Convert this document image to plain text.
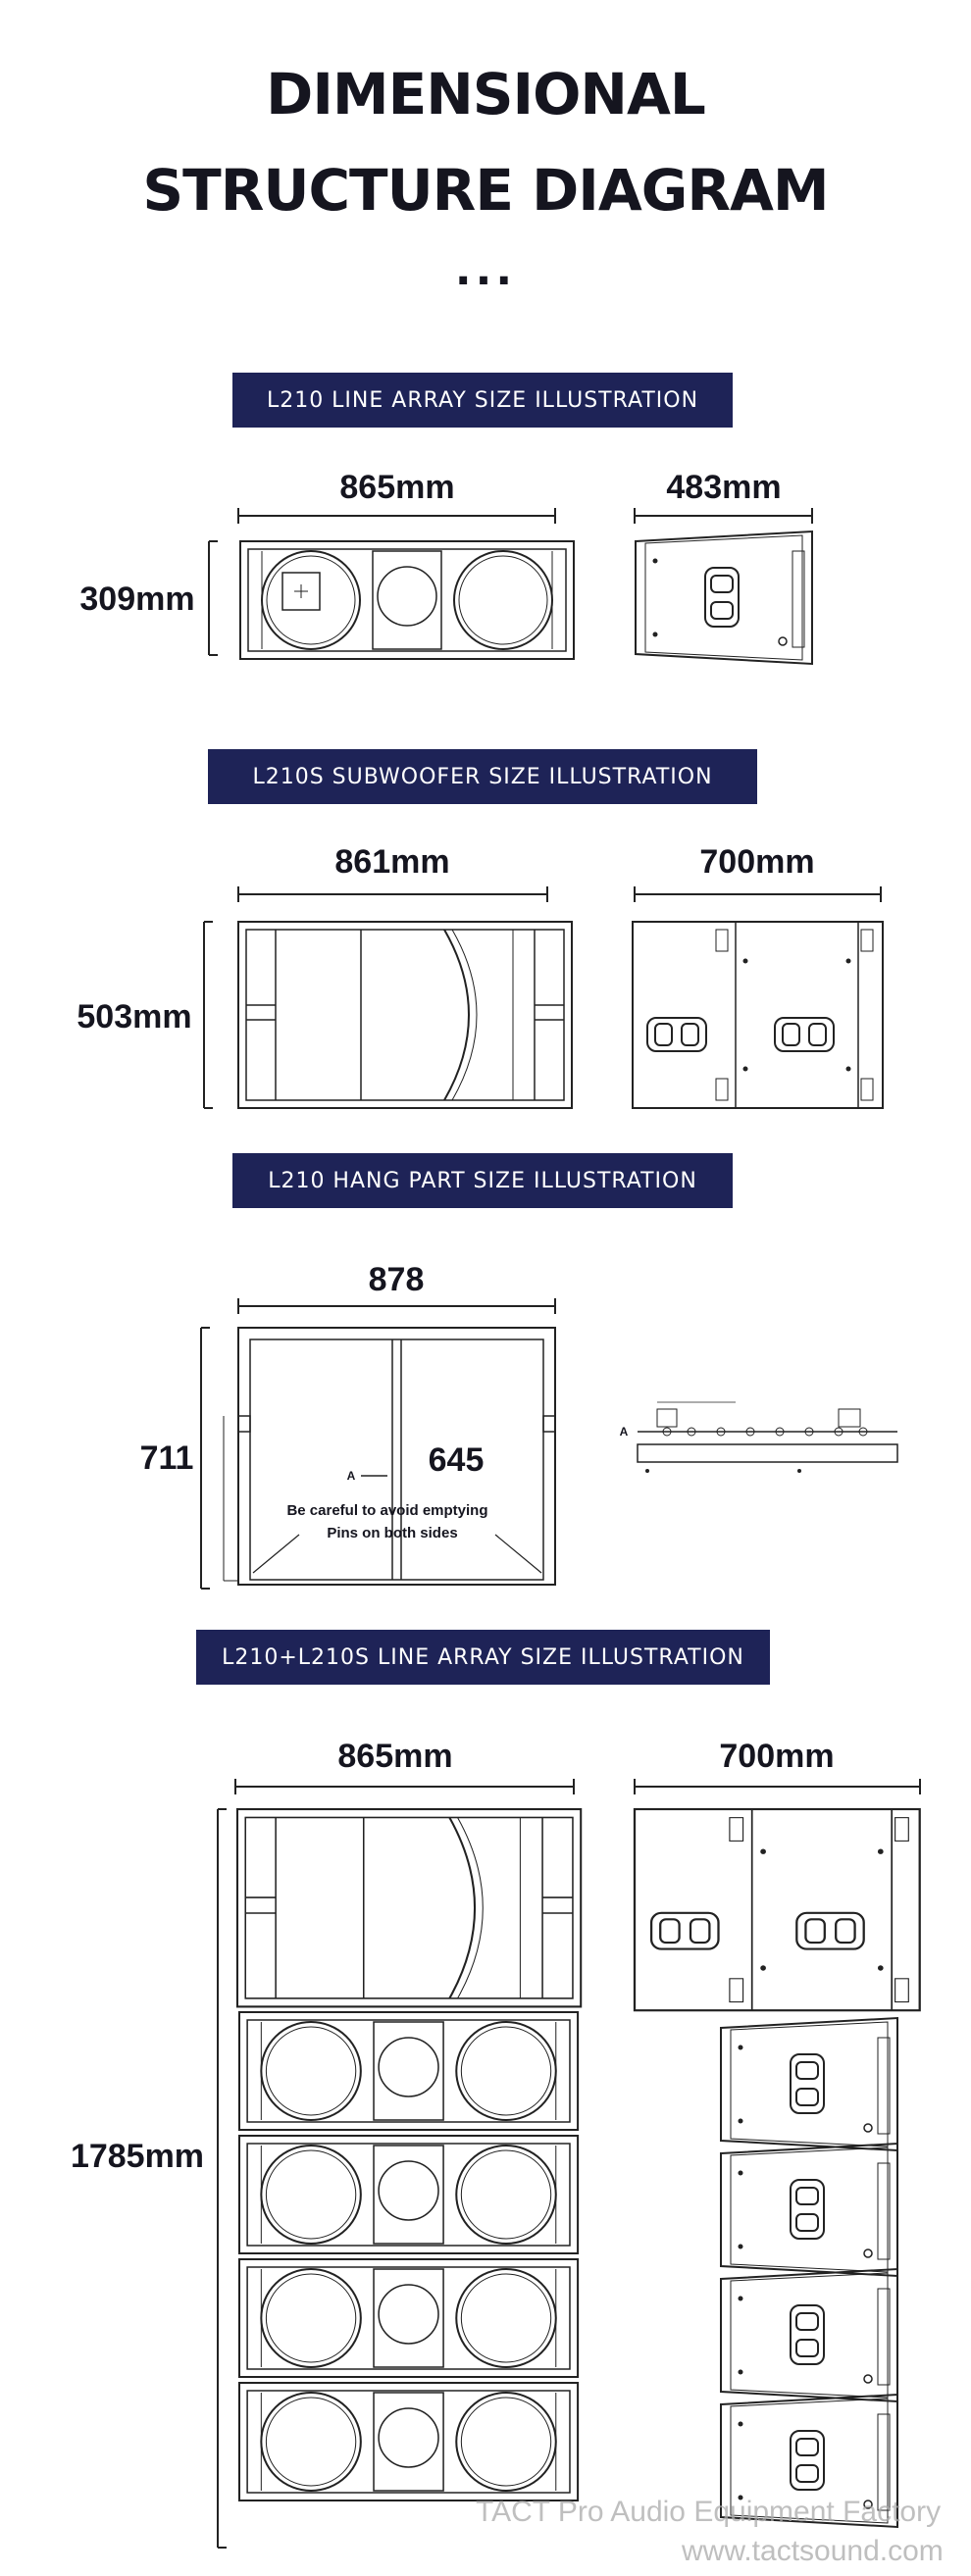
DIMENSIONAL
STRUCTURE DIAGRAM
...
L210 LINE ARRAY SIZE ILLUSTRATION
L210S SUBWOOFER SIZE ILLUSTRATION
L210 HANG PART SIZE ILLUSTRATION
L210+L210S LINE ARRAY SIZE ILLUSTRATION
865mm	483mm
309mm
861mm	700mm
503mm
878
711	A 645
Be careful to avoid emptying
Pins on both sides
A
865mm	700mm
1785mm
TACT Pro Audio Equipment Factory
www.tactsound.com
